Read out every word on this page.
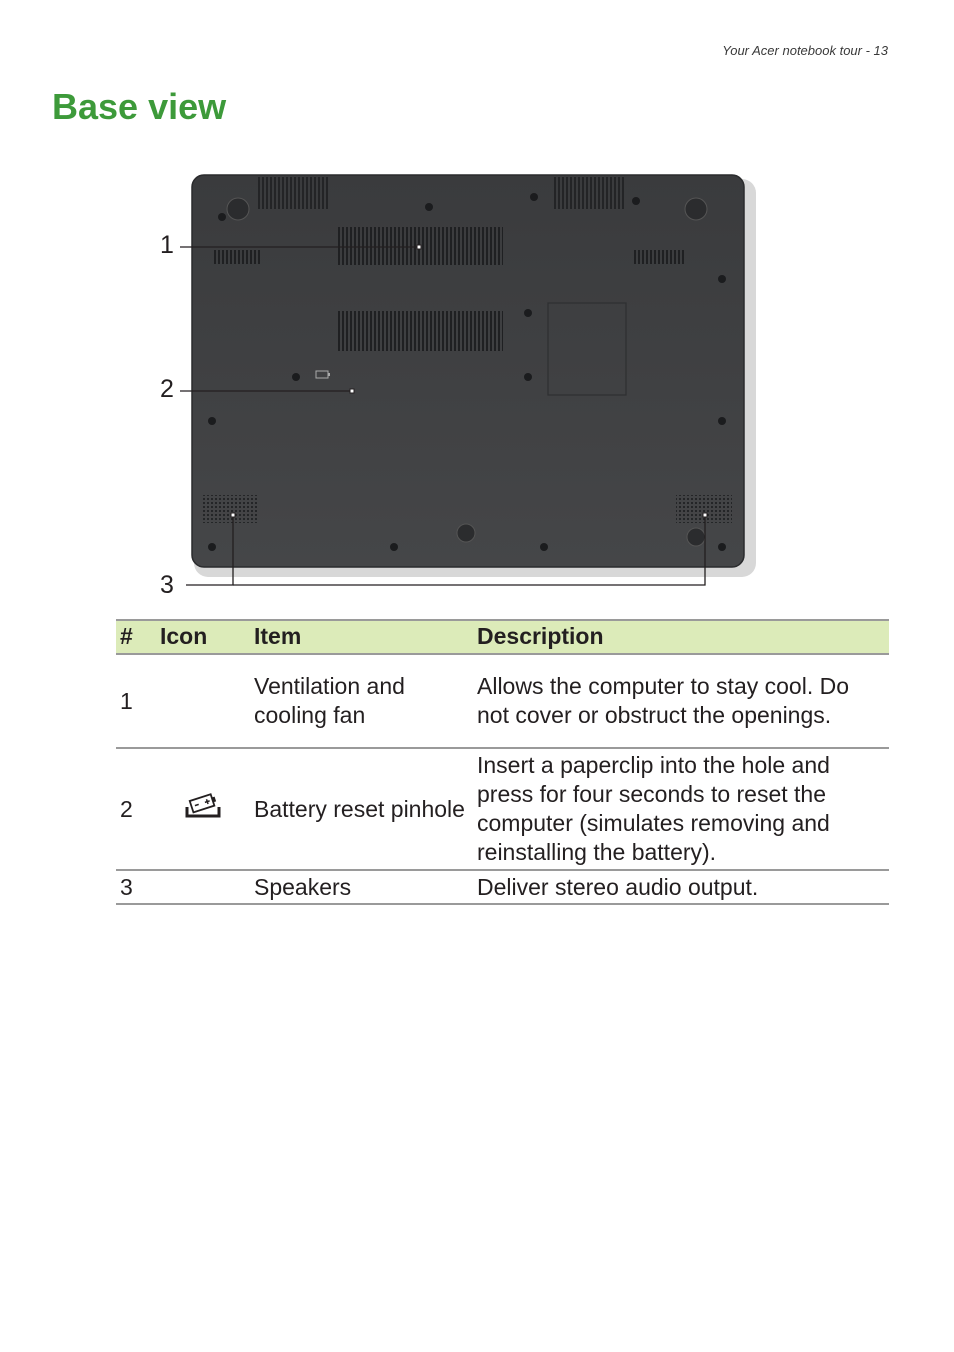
Your Acer notebook tour - 13
Base view
1
2
3
#	Icon	Item	Description
1		Ventilation and cooling fan	Allows the computer to stay cool. Do not cover or obstruct the openings.
2		Battery reset pinhole	Insert a paperclip into the hole and press for four seconds to reset the computer (simulates removing and reinstalling the battery).
3		Speakers	Deliver stereo audio output.
